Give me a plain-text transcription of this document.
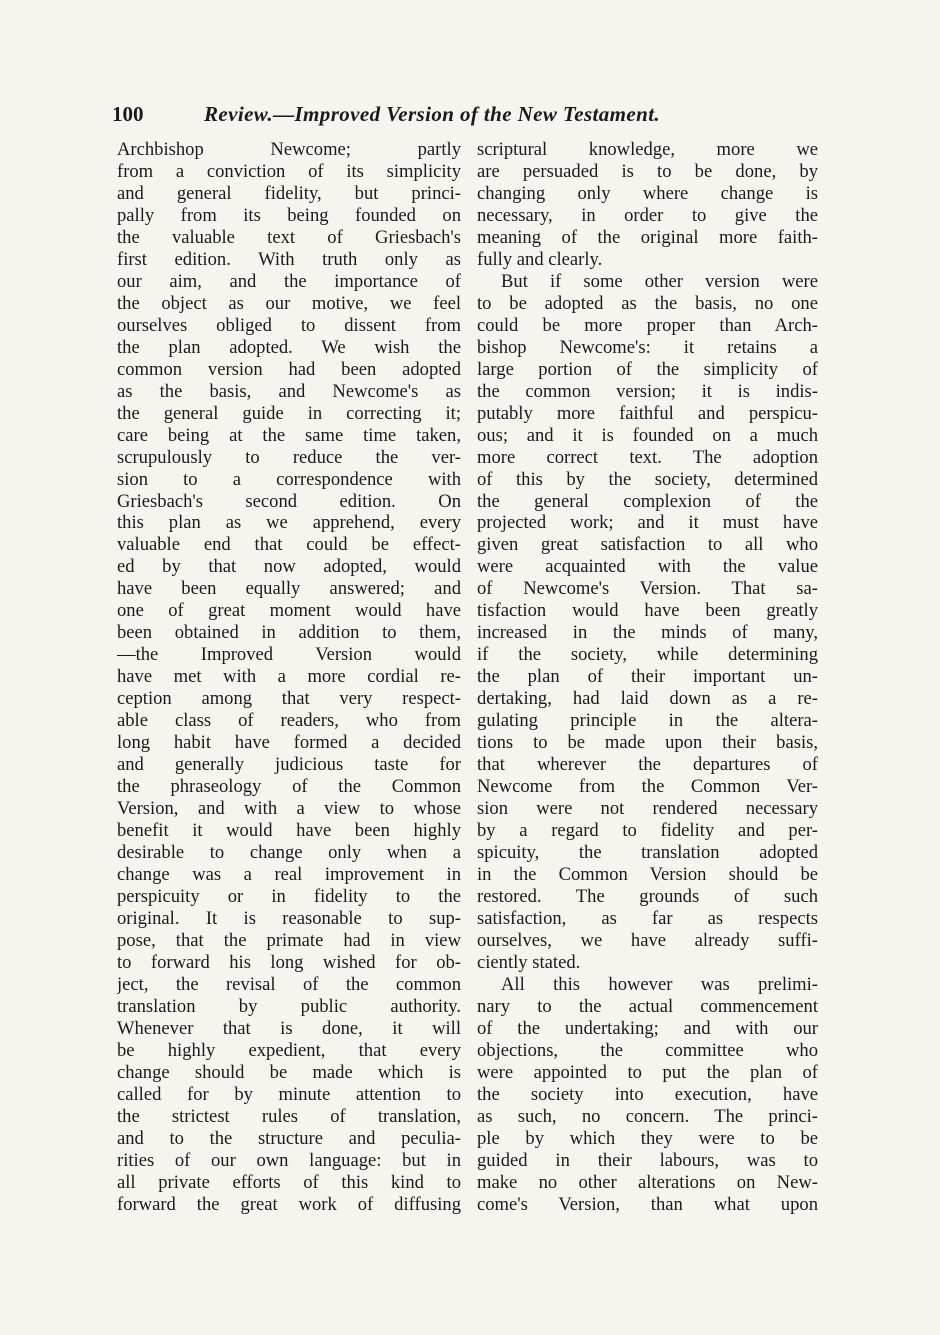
100	Review.—Improved Version of the New Testament.
Archbishop Newcome; partly
from a conviction of its simplicity
and general fidelity, but princi-
pally from its being founded on
the valuable text of Griesbach's
first edition. With truth only as
our aim, and the importance of
the object as our motive, we feel
ourselves obliged to dissent from
the plan adopted. We wish the
common version had been adopted
as the basis, and Newcome's as
the general guide in correcting it;
care being at the same time taken,
scrupulously to reduce the ver-
sion to a correspondence with
Griesbach's second edition. On
this plan as we apprehend, every
valuable end that could be effect-
ed by that now adopted, would
have been equally answered; and
one of great moment would have
been obtained in addition to them,
—the Improved Version would
have met with a more cordial re-
ception among that very respect-
able class of readers, who from
long habit have formed a decided
and generally judicious taste for
the phraseology of the Common
Version, and with a view to whose
benefit it would have been highly
desirable to change only when a
change was a real improvement in
perspicuity or in fidelity to the
original. It is reasonable to sup-
pose, that the primate had in view
to forward his long wished for ob-
ject, the revisal of the common
translation by public authority.
Whenever that is done, it will
be highly expedient, that every
change should be made which is
called for by minute attention to
the strictest rules of translation,
and to the structure and peculia-
rities of our own language: but in
all private efforts of this kind to
forward the great work of diffusing
scriptural knowledge, more we
are persuaded is to be done, by
changing only where change is
necessary, in order to give the
meaning of the original more faith-
fully and clearly.
But if some other version were
to be adopted as the basis, no one
could be more proper than Arch-
bishop Newcome's: it retains a
large portion of the simplicity of
the common version; it is indis-
putably more faithful and perspicu-
ous; and it is founded on a much
more correct text. The adoption
of this by the society, determined
the general complexion of the
projected work; and it must have
given great satisfaction to all who
were acquainted with the value
of Newcome's Version. That sa-
tisfaction would have been greatly
increased in the minds of many,
if the society, while determining
the plan of their important un-
dertaking, had laid down as a re-
gulating principle in the altera-
tions to be made upon their basis,
that wherever the departures of
Newcome from the Common Ver-
sion were not rendered necessary
by a regard to fidelity and per-
spicuity, the translation adopted
in the Common Version should be
restored. The grounds of such
satisfaction, as far as respects
ourselves, we have already suffi-
ciently stated.
All this however was prelimi-
nary to the actual commencement
of the undertaking; and with our
objections, the committee who
were appointed to put the plan of
the society into execution, have
as such, no concern. The princi-
ple by which they were to be
guided in their labours, was to
make no other alterations on New-
come's Version, than what upon
